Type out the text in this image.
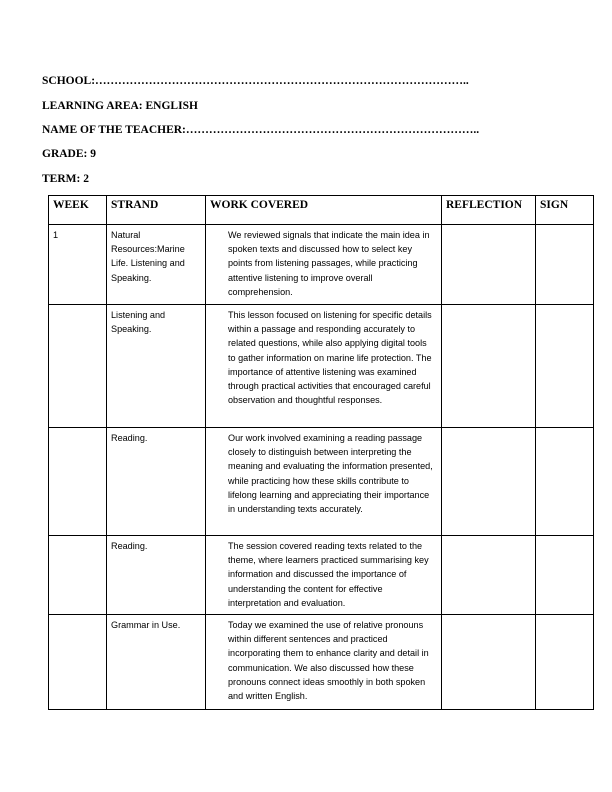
SCHOOL:……………………………………………………………………………………..
LEARNING AREA: ENGLISH
NAME OF THE TEACHER:…………………………………………………………………..
GRADE: 9
TERM: 2
WEEK	STRAND	WORK COVERED	REFLECTION	SIGN
1	Natural Resources:Marine Life. Listening and Speaking.	We reviewed signals that indicate the main idea in spoken texts and discussed how to select key points from listening passages, while practicing attentive listening to improve overall comprehension.		
	Listening and Speaking.	This lesson focused on listening for specific details within a passage and responding accurately to related questions, while also applying digital tools to gather information on marine life protection. The importance of attentive listening was examined through practical activities that encouraged careful observation and thoughtful responses.		
	Reading.	Our work involved examining a reading passage closely to distinguish between interpreting the meaning and evaluating the information presented, while practicing how these skills contribute to lifelong learning and appreciating their importance in understanding texts accurately.		
	Reading.	The session covered reading texts related to the theme, where learners practiced summarising key information and discussed the importance of understanding the content for effective interpretation and evaluation.		
	Grammar in Use.	Today we examined the use of relative pronouns within different sentences and practiced incorporating them to enhance clarity and detail in communication. We also discussed how these pronouns connect ideas smoothly in both spoken and written English.		
